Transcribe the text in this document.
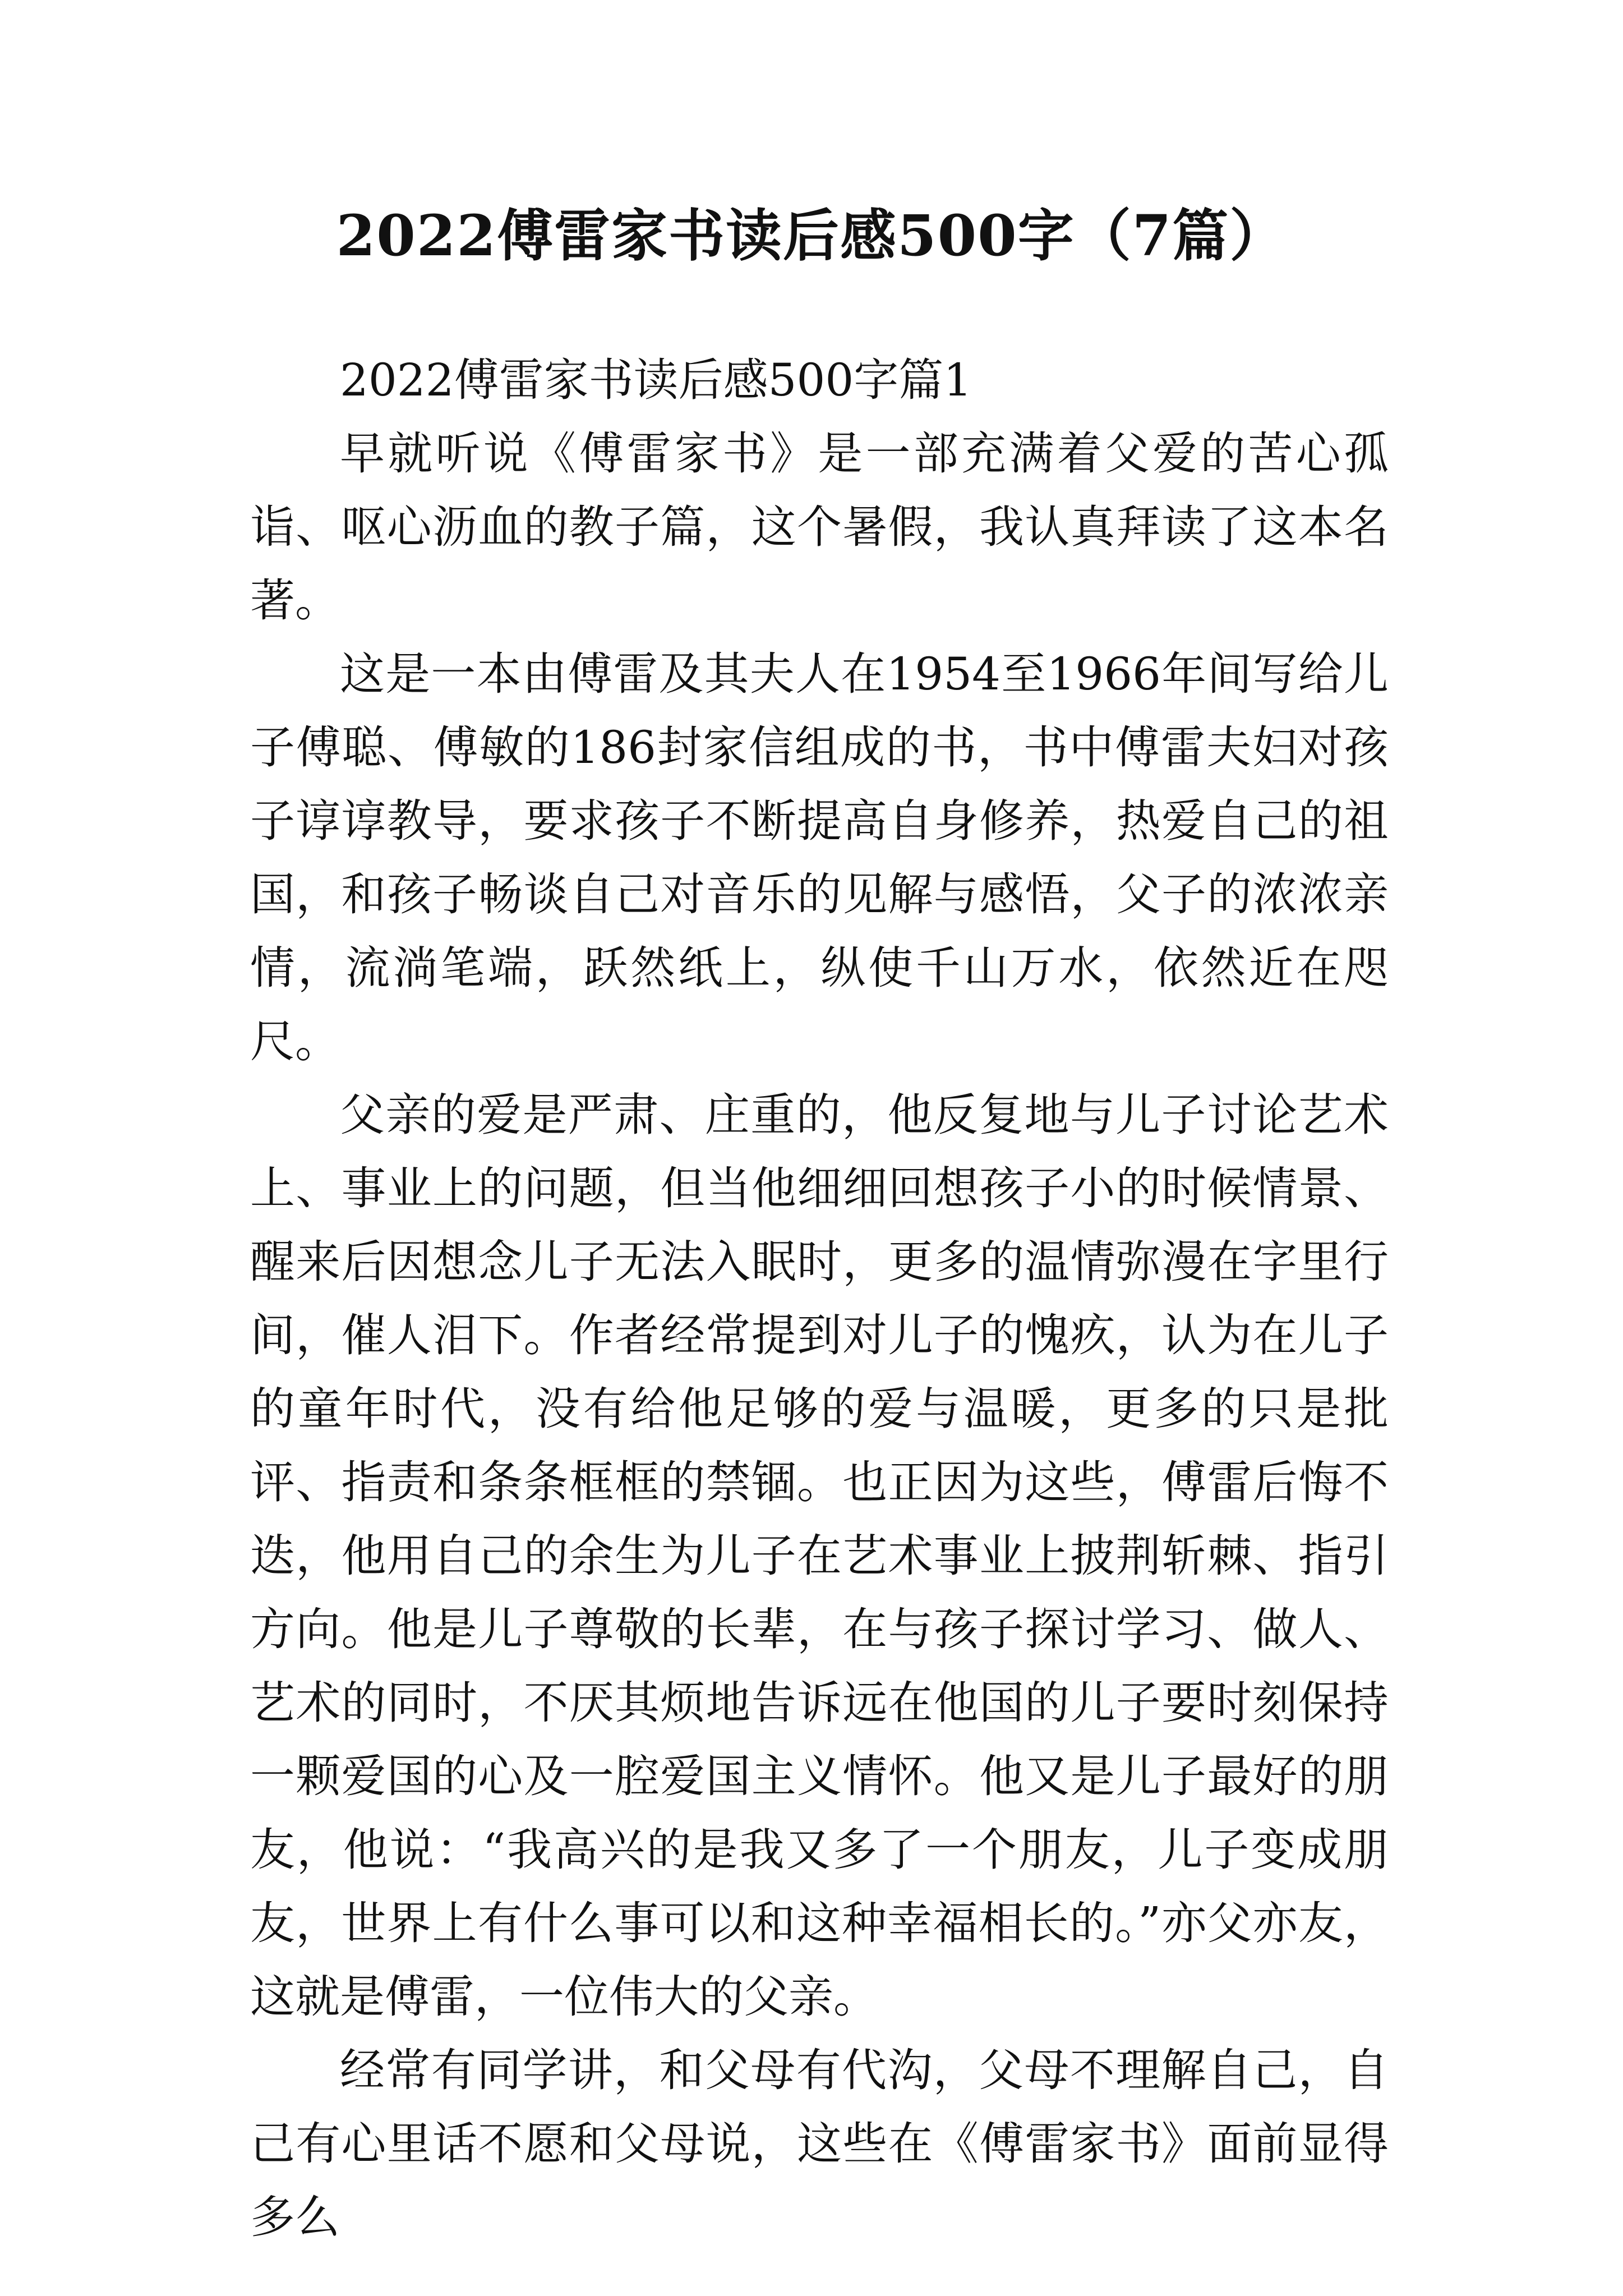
2022傅雷家书读后感500字（7篇）

2022傅雷家书读后感500字篇1

早就听说《傅雷家书》是一部充满着父爱的苦心孤诣、呕心沥血的教子篇，这个暑假，我认真拜读了这本名著。

这是一本由傅雷及其夫人在1954至1966年间写给儿子傅聪、傅敏的186封家信组成的书，书中傅雷夫妇对孩子谆谆教导，要求孩子不断提高自身修养，热爱自己的祖国，和孩子畅谈自己对音乐的见解与感悟，父子的浓浓亲情，流淌笔端，跃然纸上，纵使千山万水，依然近在咫尺。

父亲的爱是严肃、庄重的，他反复地与儿子讨论艺术上、事业上的问题，但当他细细回想孩子小的时候情景、醒来后因想念儿子无法入眠时，更多的温情弥漫在字里行间，催人泪下。作者经常提到对儿子的愧疚，认为在儿子的童年时代，没有给他足够的爱与温暖，更多的只是批评、指责和条条框框的禁锢。也正因为这些，傅雷后悔不迭，他用自己的余生为儿子在艺术事业上披荆斩棘、指引方向。他是儿子尊敬的长辈，在与孩子探讨学习、做人、艺术的同时，不厌其烦地告诉远在他国的儿子要时刻保持一颗爱国的心及一腔爱国主义情怀。他又是儿子最好的朋友，他说：“我高兴的是我又多了一个朋友，儿子变成朋友，世界上有什么事可以和这种幸福相长的。”亦父亦友，这就是傅雷，一位伟大的父亲。

经常有同学讲，和父母有代沟，父母不理解自己，自己有心里话不愿和父母说，这些在《傅雷家书》面前显得多么
